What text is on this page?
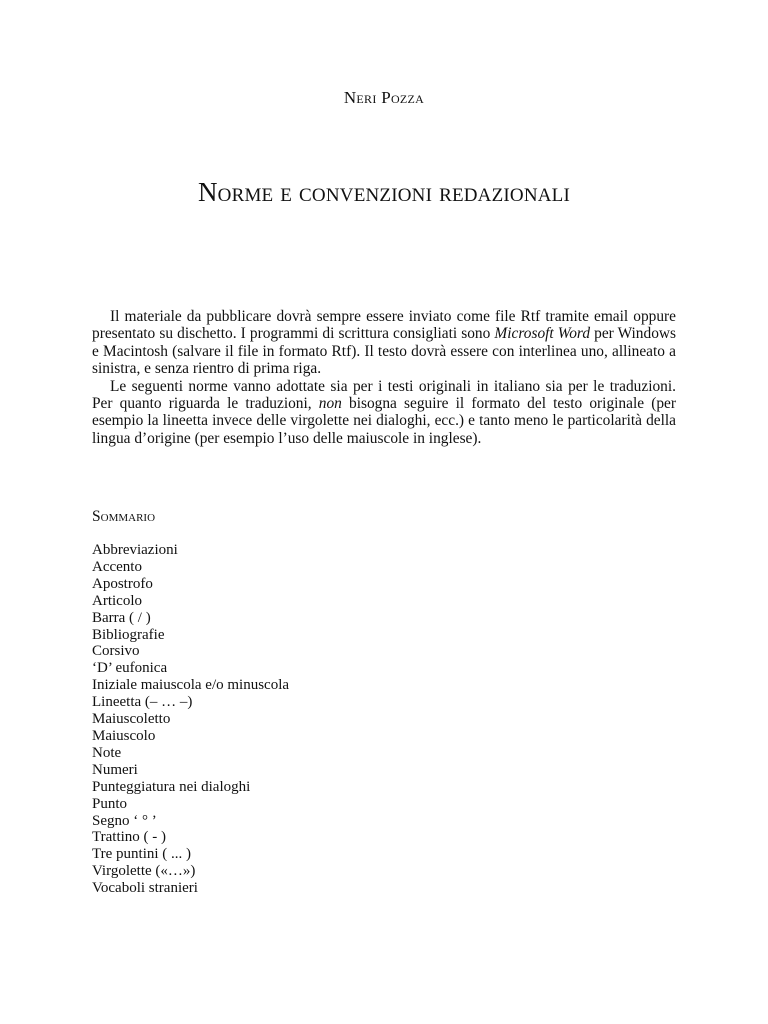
Neri Pozza
Norme e convenzioni redazionali

Il materiale da pubblicare dovrà sempre essere inviato come file Rtf tramite email oppure presentato su dischetto. I programmi di scrittura consigliati sono Microsoft Word per Windows e Macintosh (salvare il file in formato Rtf). Il testo dovrà essere con interlinea uno, allineato a sinistra, e senza rientro di prima riga.

Le seguenti norme vanno adottate sia per i testi originali in italiano sia per le traduzioni. Per quanto riguarda le traduzioni, non bisogna seguire il formato del testo originale (per esempio la lineetta invece delle virgolette nei dialoghi, ecc.) e tanto meno le particolarità della lingua d’origine (per esempio l’uso delle maiuscole in inglese).

Sommario
Abbreviazioni
Accento
Apostrofo
Articolo
Barra ( / )
Bibliografie
Corsivo
‘D’ eufonica
Iniziale maiuscola e/o minuscola
Lineetta (– … –)
Maiuscoletto
Maiuscolo
Note
Numeri
Punteggiatura nei dialoghi
Punto
Segno ‘ ° ’
Trattino ( - )
Tre puntini ( ... )
Virgolette («…»)
Vocaboli stranieri
